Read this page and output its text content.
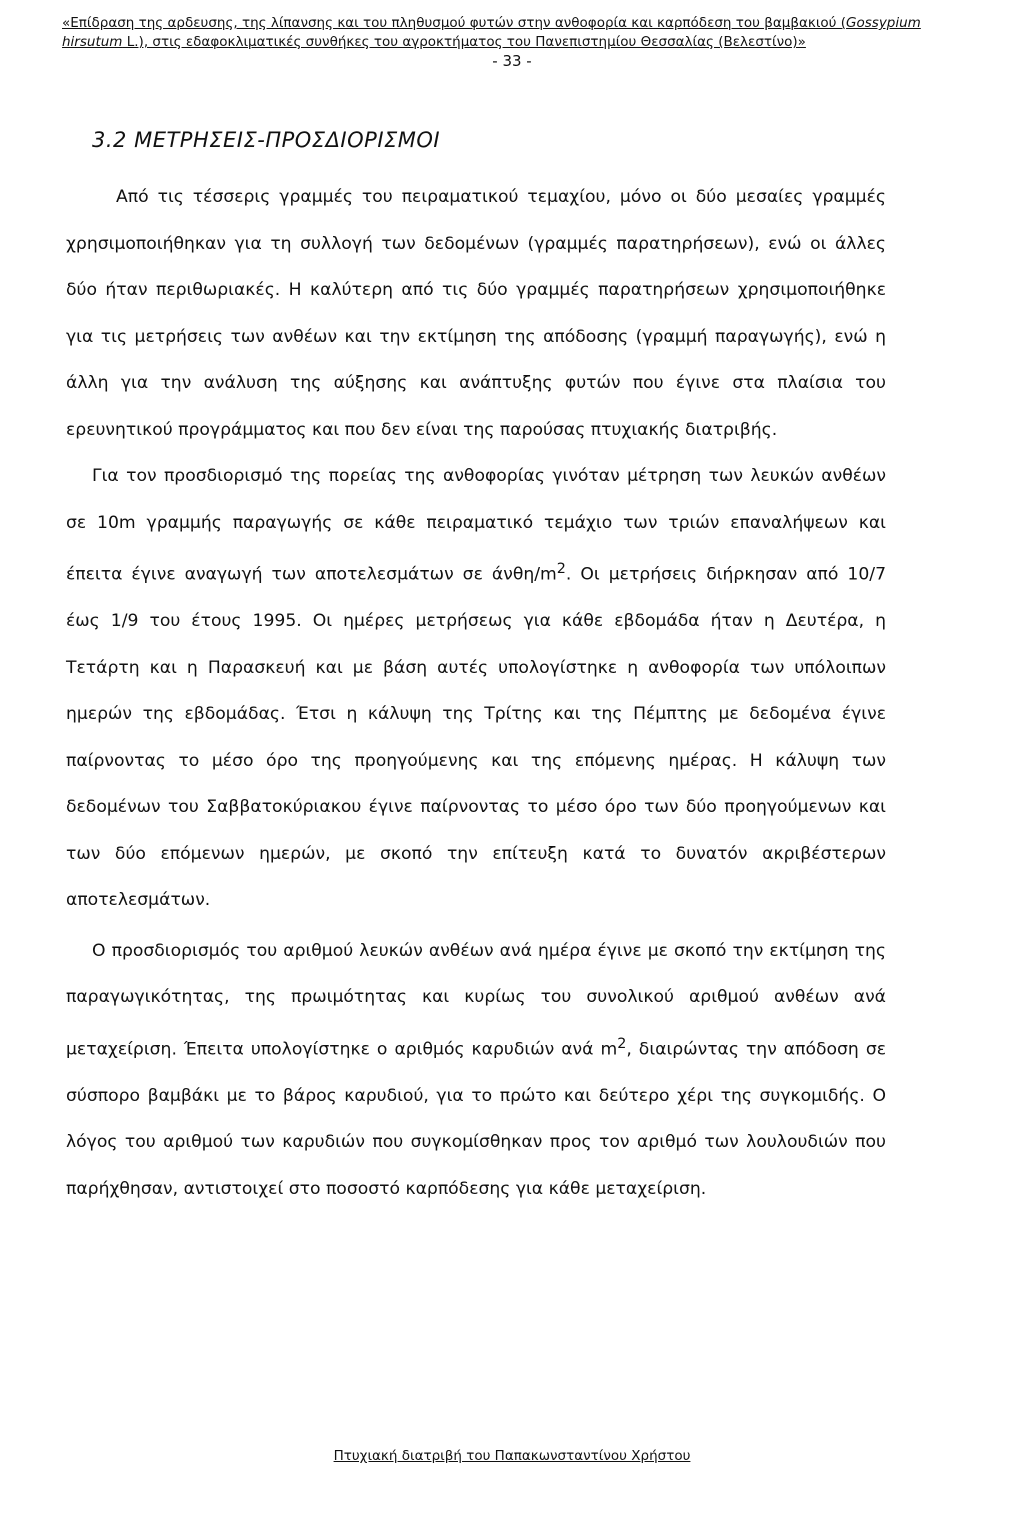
«Επίδραση της αρδευσης, της λίπανσης και του πληθυσμού φυτών στην ανθοφορία και καρπόδεση του βαμβακιού (Gossypium
hirsutum L.), στις εδαφοκλιματικές συνθήκες του αγροκτήματος του Πανεπιστημίου Θεσσαλίας (Βελεστίνο)»
- 33 -
3.2 ΜΕΤΡΗΣΕΙΣ-ΠΡΟΣΔΙΟΡΙΣΜΟΙ

Από τις τέσσερις γραμμές του πειραματικού τεμαχίου, μόνο οι δύο μεσαίες γραμμές χρησιμοποιήθηκαν για τη συλλογή των δεδομένων (γραμμές παρατηρήσεων), ενώ οι άλλες δύο ήταν περιθωριακές. Η καλύτερη από τις δύο γραμμές παρατηρήσεων χρησιμοποιήθηκε για τις μετρήσεις των ανθέων και την εκτίμηση της απόδοσης (γραμμή παραγωγής), ενώ η άλλη για την ανάλυση της αύξησης και ανάπτυξης φυτών που έγινε στα πλαίσια του ερευνητικού προγράμματος και που δεν είναι της παρούσας πτυχιακής διατριβής.

Για τον προσδιορισμό της πορείας της ανθοφορίας γινόταν μέτρηση των λευκών ανθέων σε 10m γραμμής παραγωγής σε κάθε πειραματικό τεμάχιο των τριών επαναλήψεων και έπειτα έγινε αναγωγή των αποτελεσμάτων σε άνθη/$m^2$. Οι μετρήσεις διήρκησαν από 10/7 έως 1/9 του έτους 1995. Οι ημέρες μετρήσεως για κάθε εβδομάδα ήταν η Δευτέρα, η Τετάρτη και η Παρασκευή και με βάση αυτές υπολογίστηκε η ανθοφορία των υπόλοιπων ημερών της εβδομάδας. Έτσι η κάλυψη της Τρίτης και της Πέμπτης με δεδομένα έγινε παίρνοντας το μέσο όρο της προηγούμενης και της επόμενης ημέρας. Η κάλυψη των δεδομένων του Σαββατοκύριακου έγινε παίρνοντας το μέσο όρο των δύο προηγούμενων και των δύο επόμενων ημερών, με σκοπό την επίτευξη κατά το δυνατόν ακριβέστερων αποτελεσμάτων.

Ο προσδιορισμός του αριθμού λευκών ανθέων ανά ημέρα έγινε με σκοπό την εκτίμηση της παραγωγικότητας, της πρωιμότητας και κυρίως του συνολικού αριθμού ανθέων ανά μεταχείριση. Έπειτα υπολογίστηκε ο αριθμός καρυδιών ανά $m^2$, διαιρώντας την απόδοση σε σύσπορο βαμβάκι με το βάρος καρυδιού, για το πρώτο και δεύτερο χέρι της συγκομιδής. Ο λόγος του αριθμού των καρυδιών που συγκομίσθηκαν προς τον αριθμό των λουλουδιών που παρήχθησαν, αντιστοιχεί στο ποσοστό καρπόδεσης για κάθε μεταχείριση.

Πτυχιακή διατριβή του Παπακωνσταντίνου Χρήστου
